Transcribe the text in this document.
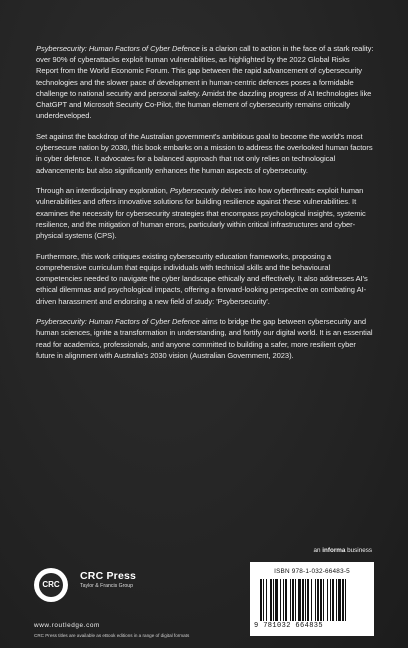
Psybersecurity: Human Factors of Cyber Defence is a clarion call to action in the face of a stark reality: over 90% of cyberattacks exploit human vulnerabilities, as highlighted by the 2022 Global Risks Report from the World Economic Forum. This gap between the rapid advancement of cybersecurity technologies and the slower pace of development in human-centric defences poses a formidable challenge to national security and personal safety. Amidst the dazzling progress of AI technologies like ChatGPT and Microsoft Security Co-Pilot, the human element of cybersecurity remains critically underdeveloped.

Set against the backdrop of the Australian government's ambitious goal to become the world's most cybersecure nation by 2030, this book embarks on a mission to address the overlooked human factors in cyber defence. It advocates for a balanced approach that not only relies on technological advancements but also significantly enhances the human aspects of cybersecurity.

Through an interdisciplinary exploration, Psybersecurity delves into how cyberthreats exploit human vulnerabilities and offers innovative solutions for building resilience against these vulnerabilities. It examines the necessity for cybersecurity strategies that encompass psychological insights, systemic resilience, and the mitigation of human errors, particularly within critical infrastructures and cyber-physical systems (CPS).

Furthermore, this work critiques existing cybersecurity education frameworks, proposing a comprehensive curriculum that equips individuals with technical skills and the behavioural competencies needed to navigate the cyber landscape ethically and effectively. It also addresses AI's ethical dilemmas and psychological impacts, offering a forward-looking perspective on combating AI-driven harassment and endorsing a new field of study: 'Psybersecurity'.

Psybersecurity: Human Factors of Cyber Defence aims to bridge the gap between cybersecurity and human sciences, ignite a transformation in understanding, and fortify our digital world. It is an essential read for academics, professionals, and anyone committed to building a safer, more resilient cyber future in alignment with Australia's 2030 vision (Australian Government, 2023).

an informa business
CRC
CRC Press
Taylor & Francis Group
www.routledge.com
CRC Press titles are available as eBook editions in a range of digital formats
ISBN 978-1-032-66483-5
9 781032 664835
